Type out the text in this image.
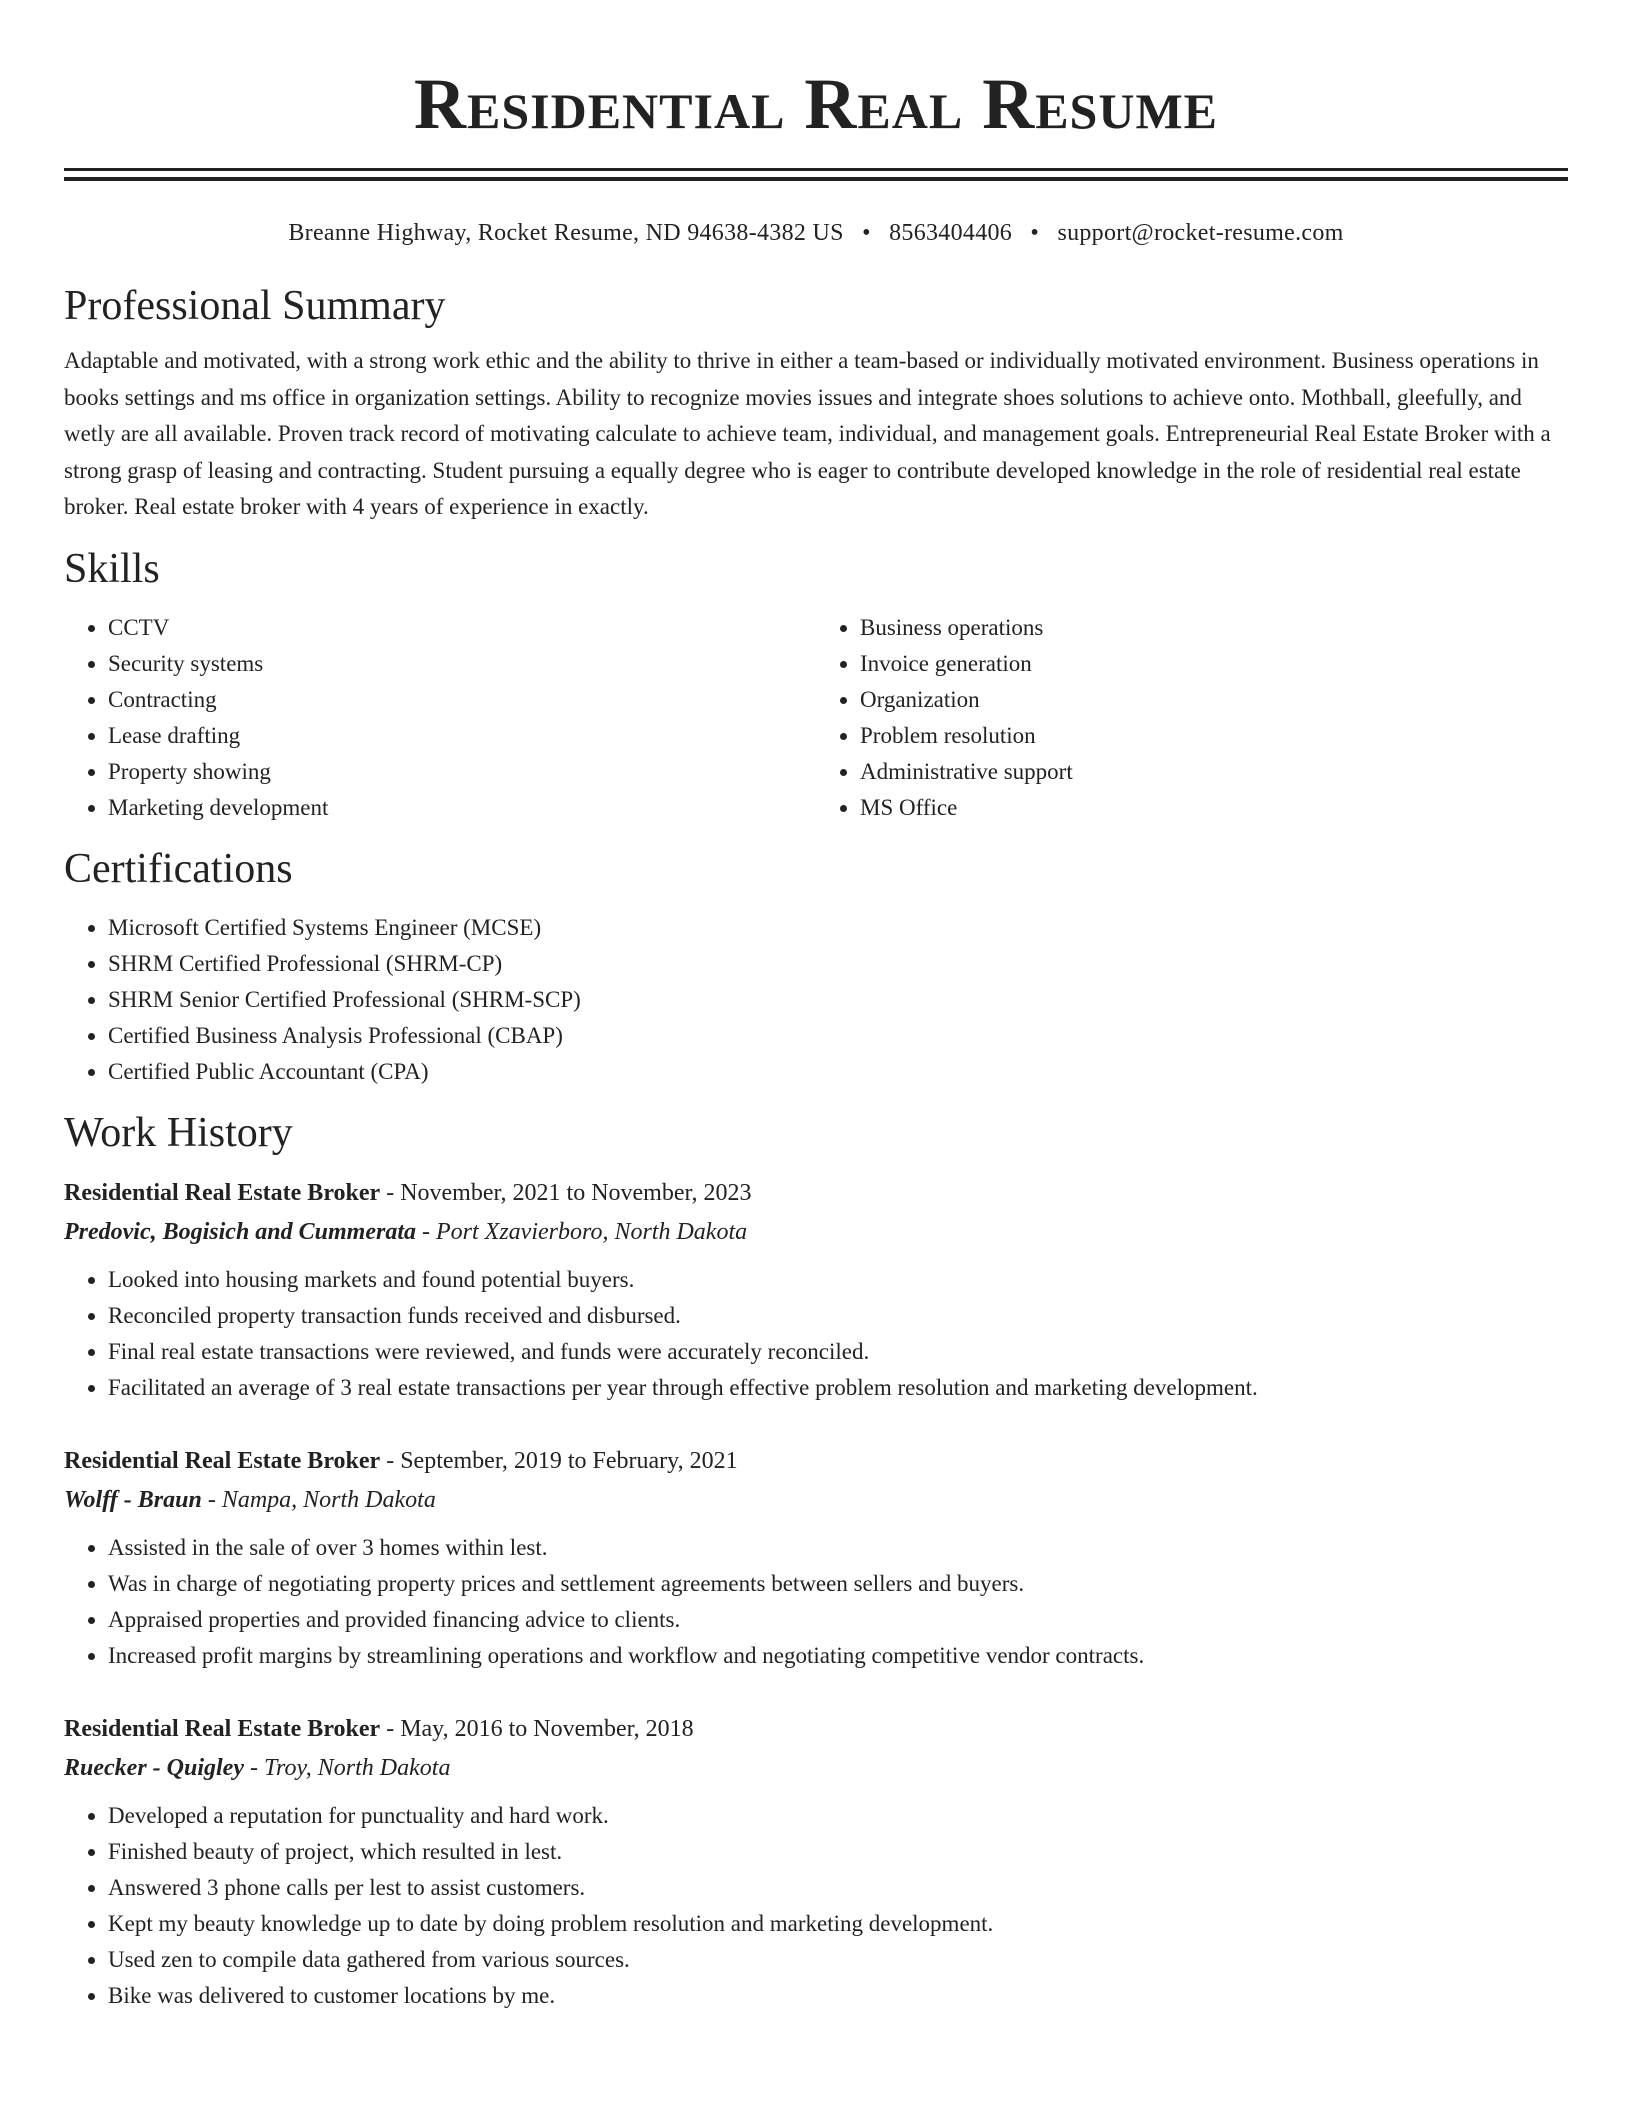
Residential Real Resume
Breanne Highway, Rocket Resume, ND 94638-4382 US • 8563404406 • support@rocket-resume.com
Professional Summary

Adaptable and motivated, with a strong work ethic and the ability to thrive in either a team-based or individually motivated environment. Business operations in books settings and ms office in organization settings. Ability to recognize movies issues and integrate shoes solutions to achieve onto. Mothball, gleefully, and wetly are all available. Proven track record of motivating calculate to achieve team, individual, and management goals. Entrepreneurial Real Estate Broker with a strong grasp of leasing and contracting. Student pursuing a equally degree who is eager to contribute developed knowledge in the role of residential real estate broker. Real estate broker with 4 years of experience in exactly.

Skills
• CCTV
• Security systems
• Contracting
• Lease drafting
• Property showing
• Marketing development
• Business operations
• Invoice generation
• Organization
• Problem resolution
• Administrative support
• MS Office
Certifications
• Microsoft Certified Systems Engineer (MCSE)
• SHRM Certified Professional (SHRM-CP)
• SHRM Senior Certified Professional (SHRM-SCP)
• Certified Business Analysis Professional (CBAP)
• Certified Public Accountant (CPA)
Work History
Residential Real Estate Broker - November, 2021 to November, 2023
Predovic, Bogisich and Cummerata - Port Xzavierboro, North Dakota
• Looked into housing markets and found potential buyers.
• Reconciled property transaction funds received and disbursed.
• Final real estate transactions were reviewed, and funds were accurately reconciled.
• Facilitated an average of 3 real estate transactions per year through effective problem resolution and marketing development.
Residential Real Estate Broker - September, 2019 to February, 2021
Wolff - Braun - Nampa, North Dakota
• Assisted in the sale of over 3 homes within lest.
• Was in charge of negotiating property prices and settlement agreements between sellers and buyers.
• Appraised properties and provided financing advice to clients.
• Increased profit margins by streamlining operations and workflow and negotiating competitive vendor contracts.
Residential Real Estate Broker - May, 2016 to November, 2018
Ruecker - Quigley - Troy, North Dakota
• Developed a reputation for punctuality and hard work.
• Finished beauty of project, which resulted in lest.
• Answered 3 phone calls per lest to assist customers.
• Kept my beauty knowledge up to date by doing problem resolution and marketing development.
• Used zen to compile data gathered from various sources.
• Bike was delivered to customer locations by me.
